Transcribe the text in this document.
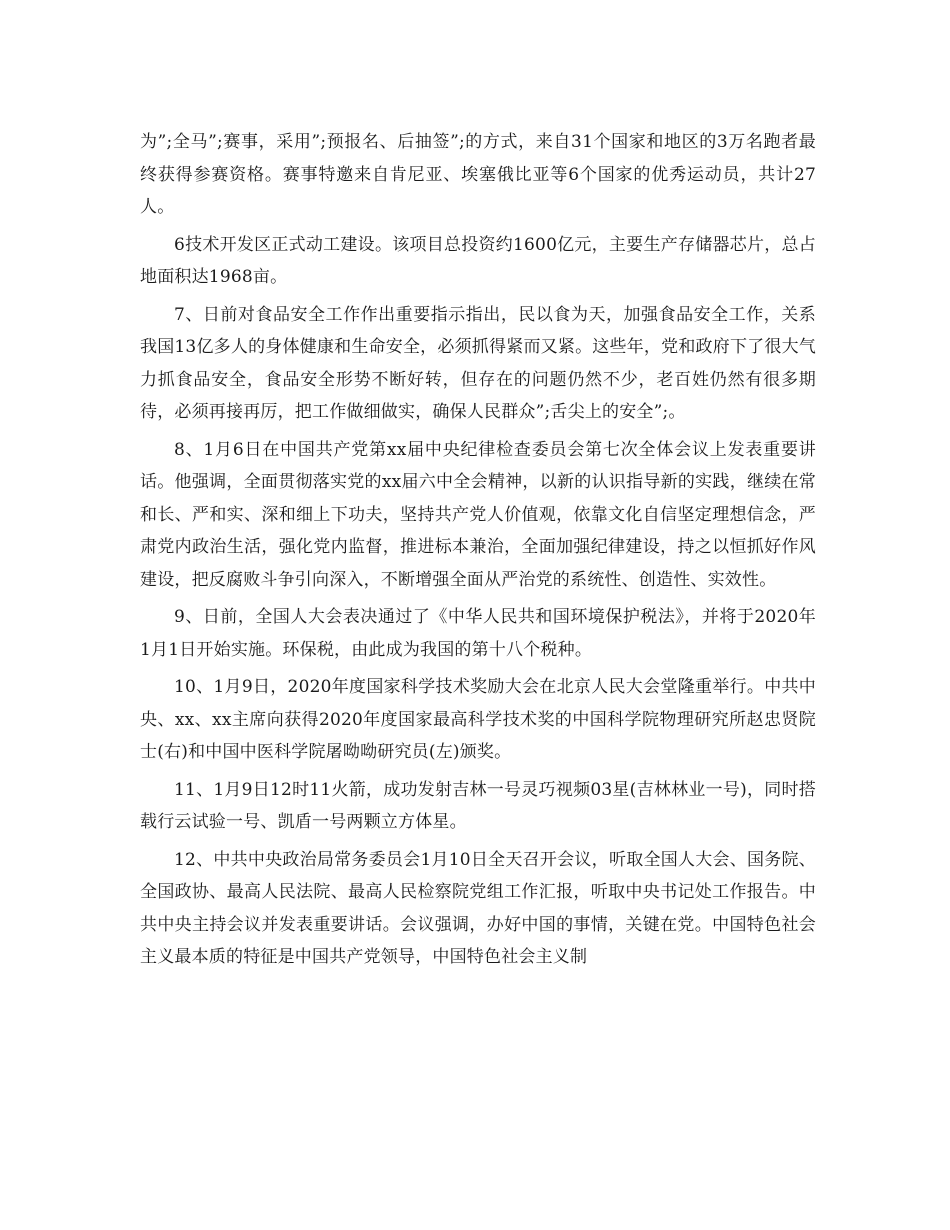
为”;全马”;赛事，采用”;预报名、后抽签”;的方式，来自31个国家和地区的3万名跑者最终获得参赛资格。赛事特邀来自肯尼亚、埃塞俄比亚等6个国家的优秀运动员，共计27人。

6技术开发区正式动工建设。该项目总投资约1600亿元，主要生产存储器芯片，总占地面积达1968亩。

7、日前对食品安全工作作出重要指示指出，民以食为天，加强食品安全工作，关系我国13亿多人的身体健康和生命安全，必须抓得紧而又紧。这些年，党和政府下了很大气力抓食品安全，食品安全形势不断好转，但存在的问题仍然不少，老百姓仍然有很多期待，必须再接再厉，把工作做细做实，确保人民群众”;舌尖上的安全”;。

8、1月6日在中国共产党第xx届中央纪律检查委员会第七次全体会议上发表重要讲话。他强调，全面贯彻落实党的xx届六中全会精神，以新的认识指导新的实践，继续在常和长、严和实、深和细上下功夫，坚持共产党人价值观，依靠文化自信坚定理想信念，严肃党内政治生活，强化党内监督，推进标本兼治，全面加强纪律建设，持之以恒抓好作风建设，把反腐败斗争引向深入，不断增强全面从严治党的系统性、创造性、实效性。

9、日前，全国人大会表决通过了《中华人民共和国环境保护税法》，并将于2020年1月1日开始实施。环保税，由此成为我国的第十八个税种。

10、1月9日，2020年度国家科学技术奖励大会在北京人民大会堂隆重举行。中共中央、xx、xx主席向获得2020年度国家最高科学技术奖的中国科学院物理研究所赵忠贤院士(右)和中国中医科学院屠呦呦研究员(左)颁奖。

11、1月9日12时11火箭，成功发射吉林一号灵巧视频03星(吉林林业一号)，同时搭载行云试验一号、凯盾一号两颗立方体星。

12、中共中央政治局常务委员会1月10日全天召开会议，听取全国人大会、国务院、全国政协、最高人民法院、最高人民检察院党组工作汇报，听取中央书记处工作报告。中共中央主持会议并发表重要讲话。会议强调，办好中国的事情，关键在党。中国特色社会主义最本质的特征是中国共产党领导，中国特色社会主义制
